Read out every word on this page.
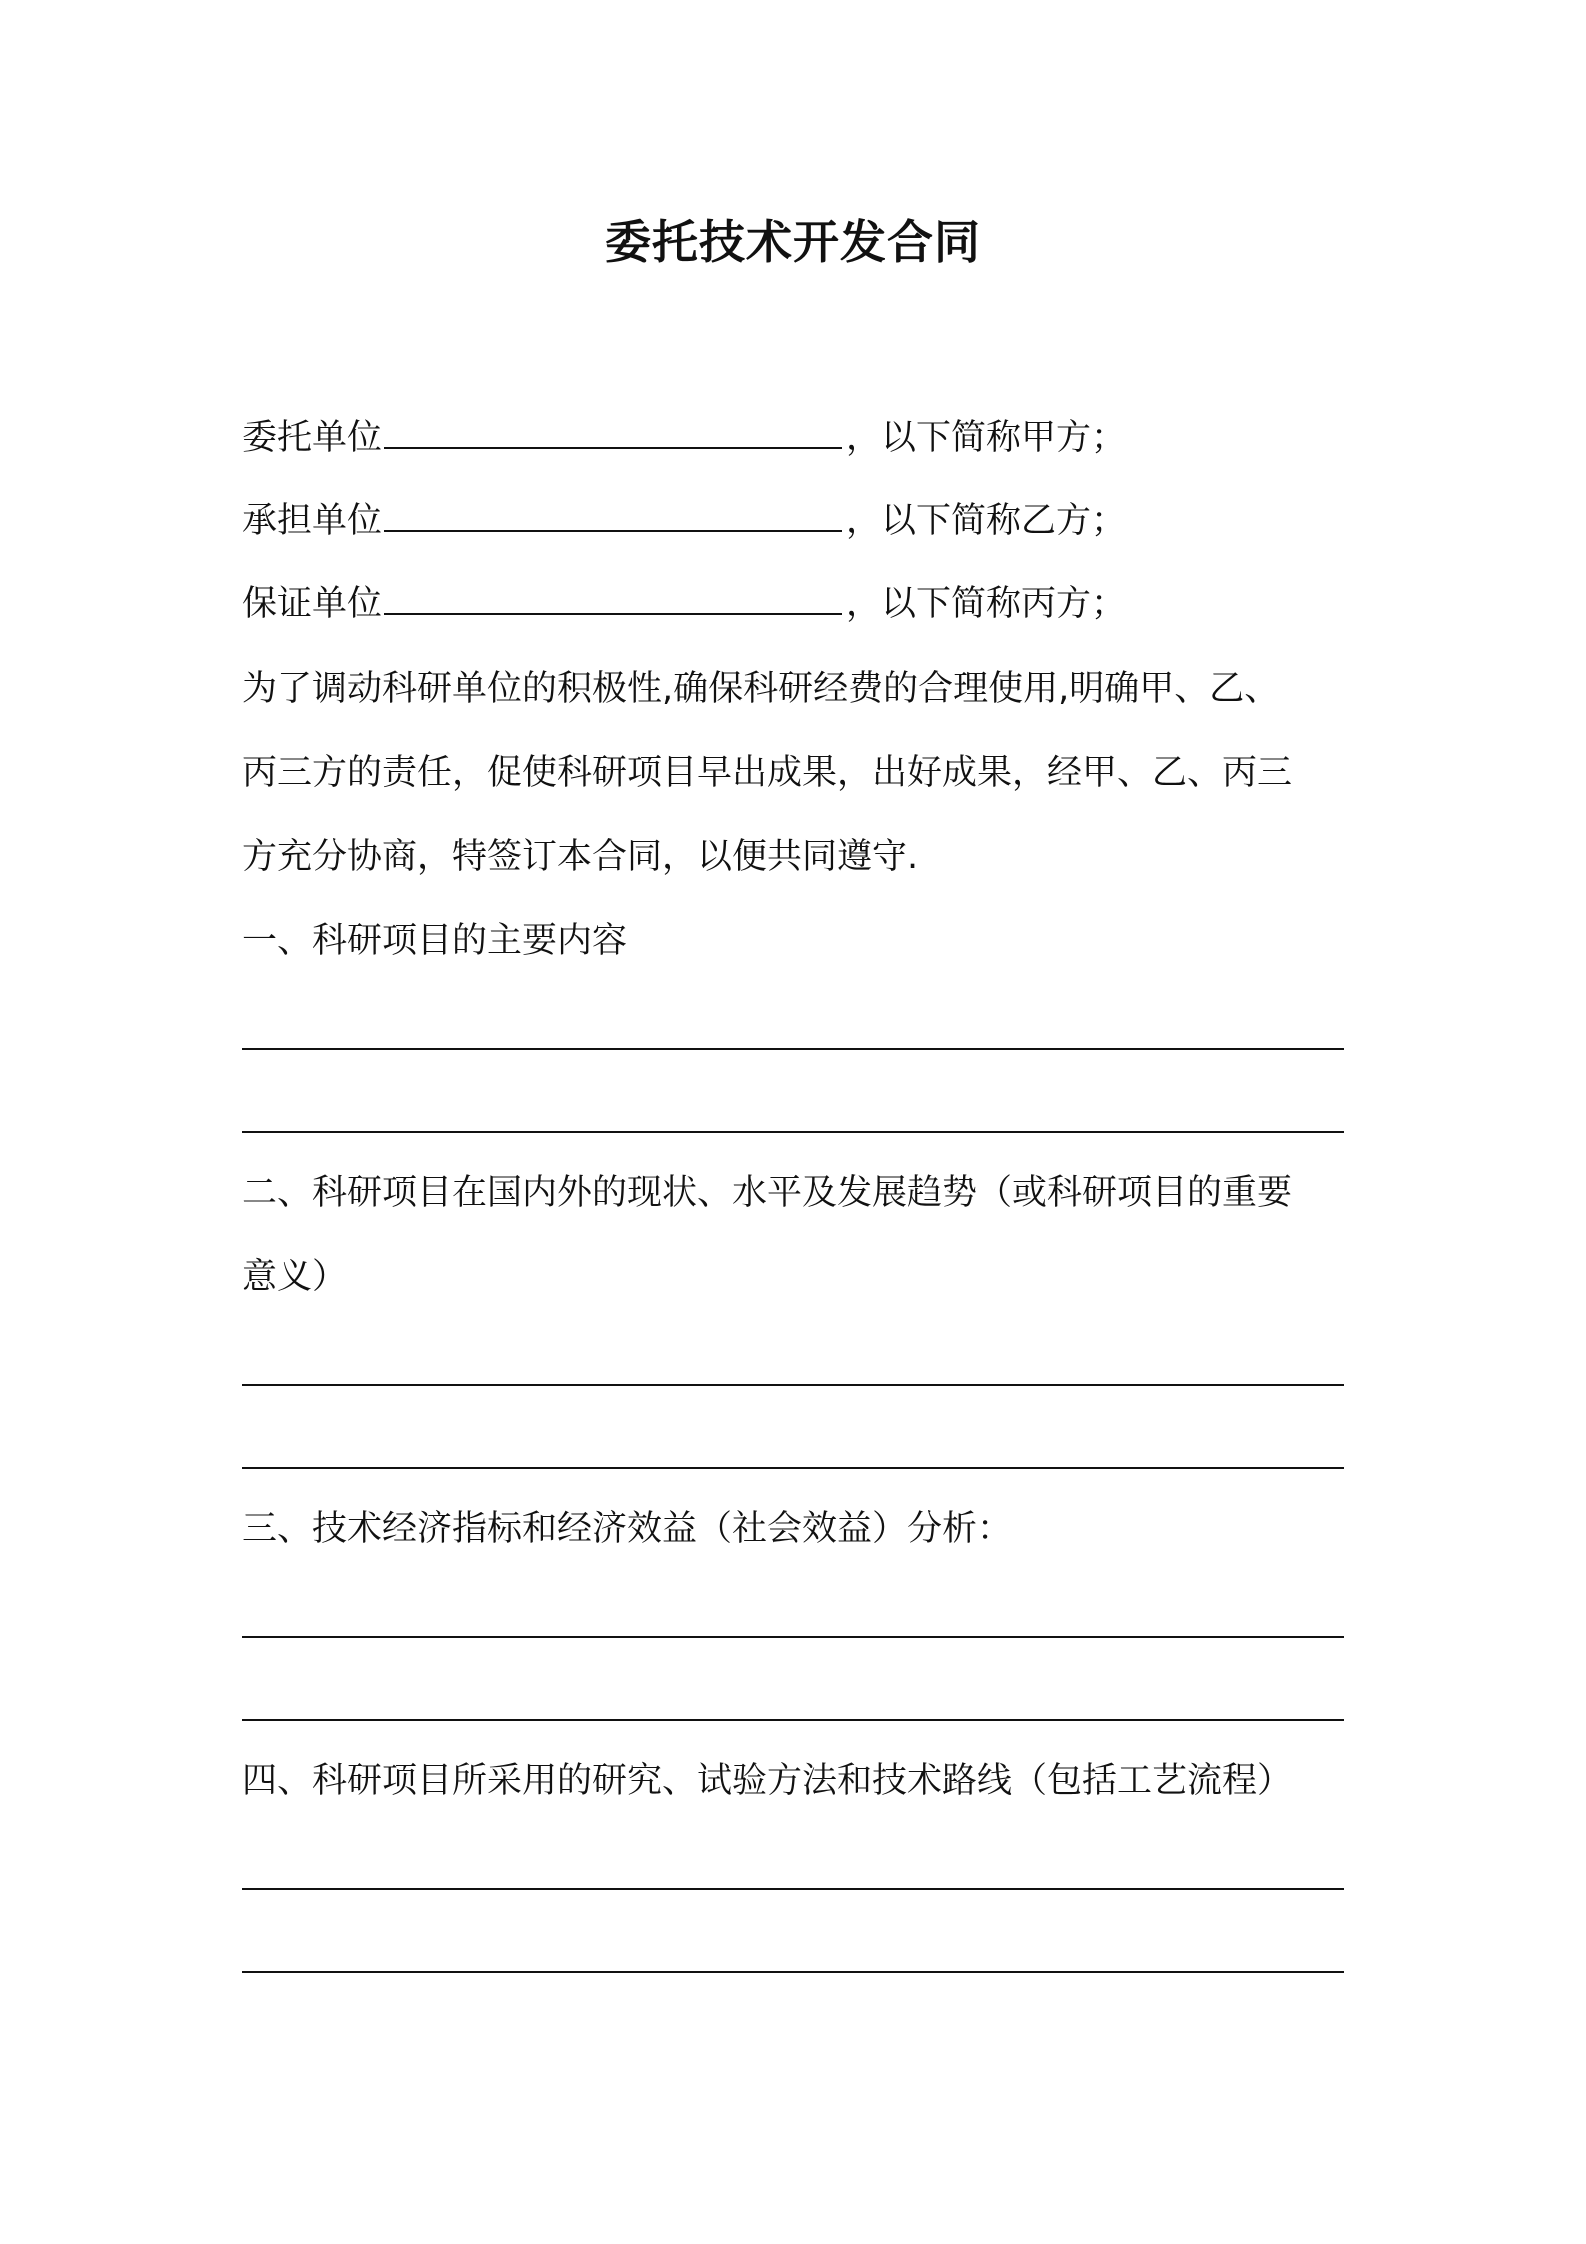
委托技术开发合同
委托单位	，以下简称甲方；
承担单位	，以下简称乙方；
保证单位	，以下简称丙方；
为了调动科研单位的积极性,确保科研经费的合理使用,明确甲、乙、
丙三方的责任，促使科研项目早出成果，出好成果，经甲、乙、丙三
方充分协商，特签订本合同，以便共同遵守.
一、科研项目的主要内容
二、科研项目在国内外的现状、水平及发展趋势（或科研项目的重要
意义）
三、技术经济指标和经济效益（社会效益）分析：
四、科研项目所采用的研究、试验方法和技术路线（包括工艺流程）
